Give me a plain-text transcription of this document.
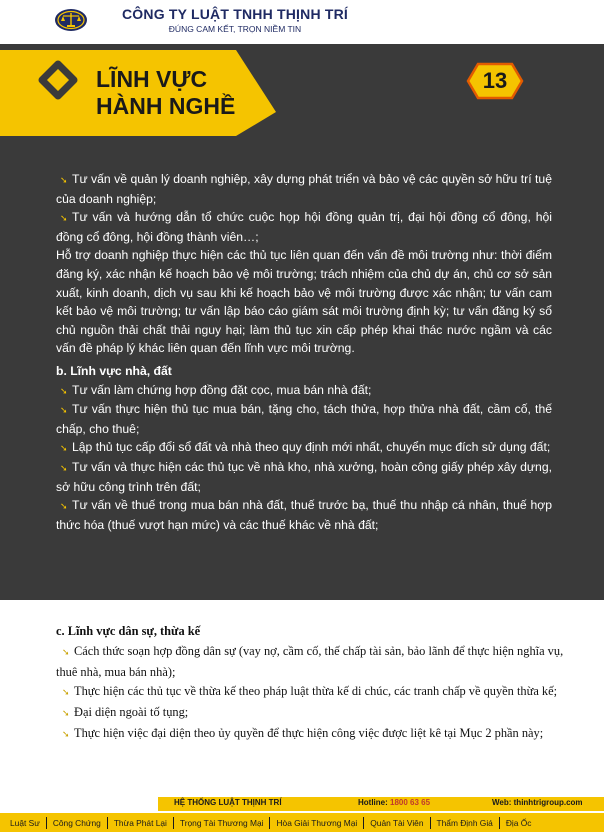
CÔNG TY LUẬT TNHH THỊNH TRÍ
ĐÚNG CAM KẾT, TRỌN NIỀM TIN
LĨNH VỰC
HÀNH NGHỀ
13

➘ Tư vấn về quản lý doanh nghiệp, xây dựng phát triển và bảo vệ các quyền sở hữu trí tuệ của doanh nghiệp;

➘ Tư vấn và hướng dẫn tổ chức cuộc họp hội đồng quản trị, đại hội đồng cổ đông, hội đồng cổ đông, hội đồng thành viên…;

Hỗ trợ doanh nghiệp thực hiện các thủ tục liên quan đến vấn đề môi trường như: thời điểm đăng ký, xác nhận kế hoạch bảo vệ môi trường; trách nhiệm của chủ dự án, chủ cơ sở sản xuất, kinh doanh, dịch vụ sau khi kế hoạch bảo vệ môi trường được xác nhận; tư vấn cam kết bảo vệ môi trường; tư vấn lập báo cáo giám sát môi trường định kỳ; tư vấn đăng ký sổ chủ nguồn thải chất thải nguy hại; làm thủ tục xin cấp phép khai thác nước ngầm và các vấn đề pháp lý khác liên quan đến lĩnh vực môi trường.

b. Lĩnh vực nhà, đất

➘ Tư vấn làm chứng hợp đồng đặt cọc, mua bán nhà đất;

➘ Tư vấn thực hiện thủ tục mua bán, tặng cho, tách thửa, hợp thửa nhà đất, cầm cố, thế chấp, cho thuê;

➘ Lập thủ tục cấp đổi sổ đất và nhà theo quy định mới nhất, chuyển mục đích sử dụng đất;

➘ Tư vấn và thực hiện các thủ tục về nhà kho, nhà xưởng, hoàn công giấy phép xây dựng, sở hữu công trình trên đất;

➘ Tư vấn về thuế trong mua bán nhà đất, thuế trước bạ, thuế thu nhập cá nhân, thuế hợp thức hóa (thuế vượt hạn mức) và các thuế khác về nhà đất;

c. Lĩnh vực dân sự, thừa kế

➘ Cách thức soạn hợp đồng dân sự (vay nợ, cầm cố, thế chấp tài sản, bảo lãnh để thực hiện nghĩa vụ, thuê nhà, mua bán nhà);

➘ Thực hiện các thủ tục về thừa kế theo pháp luật thừa kế di chúc, các tranh chấp về quyền thừa kế;

➘ Đại diện ngoài tố tụng;

➘ Thực hiện việc đại diện theo ủy quyền để thực hiện công việc được liệt kê tại Mục 2 phần này;

HỆ THỐNG LUẬT THỊNH TRÍ	Hotline: 1800 63 65	Web: thinhtrigroup.com
Luật Sư	Công Chứng	Thừa Phát Lại	Trọng Tài Thương Mại	Hòa Giải Thương Mại	Quản Tài Viên	Thẩm Định Giá	Địa Ốc
